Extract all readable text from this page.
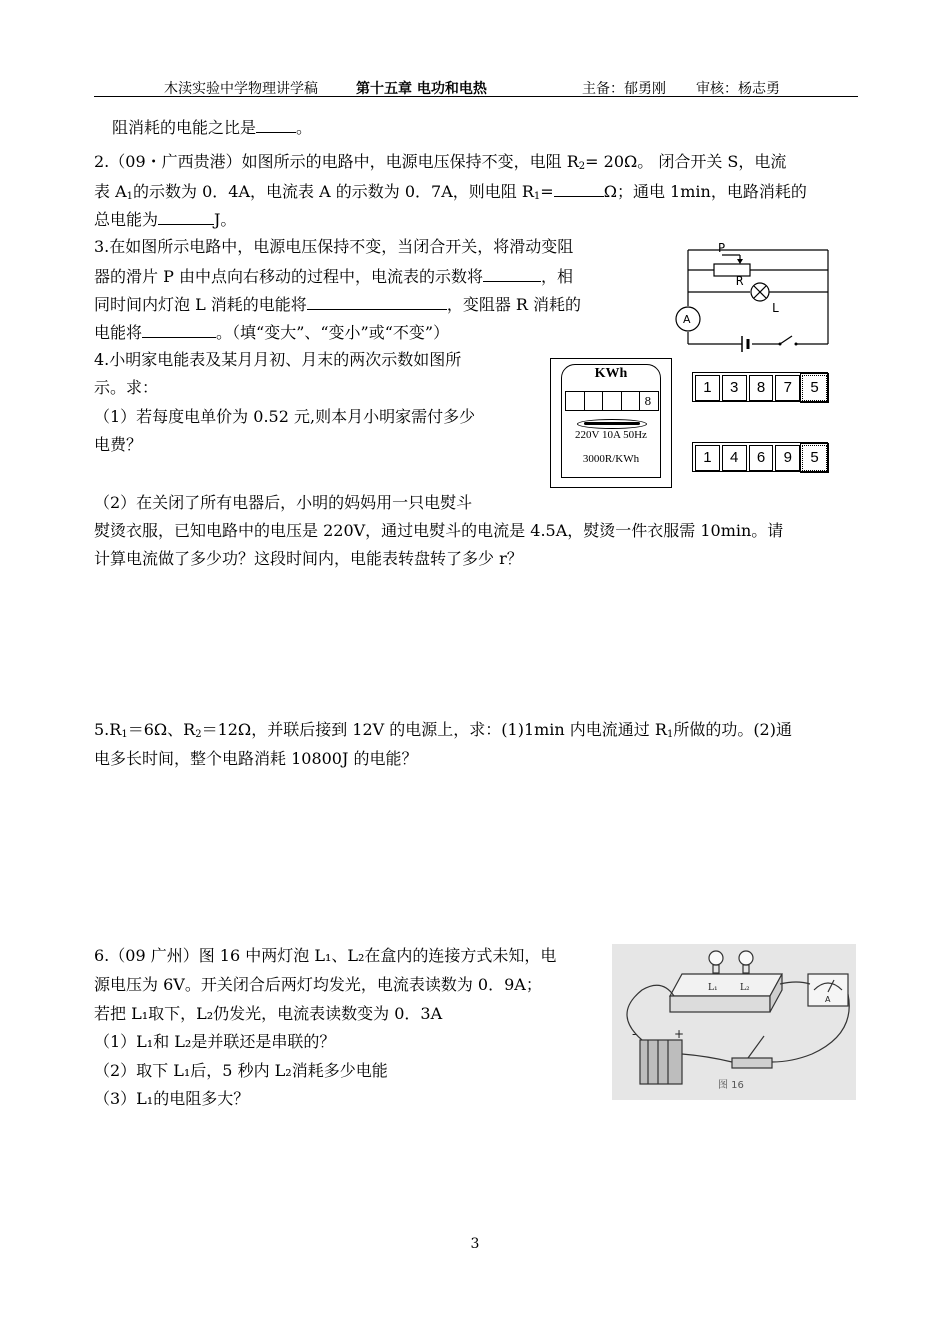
木渎实验中学物理讲学稿	第十五章 电功和电热	主备：郁勇刚 审核：杨志勇
阻消耗的电能之比是	。
2.（09・广西贵港）如图所示的电路中，电源电压保持不变，电阻 $R_2= 20\Omega$。 闭合开关 S，电流
表 $A_1$的示数为 0．4A，电流表 A 的示数为 0．7A，则电阻 $R_1=$	Ω；通电 1min，电路消耗的
总电能为	J。
3.在如图所示电路中，电源电压保持不变，当闭合开关，将滑动变阻
器的滑片 P 由中点向右移动的过程中，电流表的示数将	，相
同时间内灯泡 L 消耗的电能将	，变阻器 R 消耗的
电能将	。（填“变大”、“变小”或“不变”）
P
R
L
A
4.小明家电能表及某月月初、月末的两次示数如图所
示。求：
（1）若每度电单价为 0.52 元,则本月小明家需付多少
电费？
（2）在关闭了所有电器后，小明的妈妈用一只电熨斗
熨烫衣服，已知电路中的电压是 220V，通过电熨斗的电流是 4.5A，熨烫一件衣服需 10min。请
计算电流做了多少功？这段时间内，电能表转盘转了多少 r？
KWh
8
220V 10A 50Hz
3000R/KWh
1	3	8	7	5
1	4	6	9	5
$5.R_1=6\Omega$、$R_2=12\Omega$，并联后接到 12V 的电源上，求：(1)1min 内电流通过 $R_1$所做的功。(2)通
电多长时间，整个电路消耗 10800J 的电能？
6.（09 广州）图 16 中两灯泡 L₁、L₂在盒内的连接方式未知，电
源电压为 6V。开关闭合后两灯均发光，电流表读数为 0．9A；
若把 L₁取下，L₂仍发光，电流表读数变为 0．3A
（1）L₁和 L₂是并联还是串联的？
（2）取下 L₁后，5 秒内 L₂消耗多少电能
（3）L₁的电阻多大？
-	+
L₁ L₂
A
图 16
3
